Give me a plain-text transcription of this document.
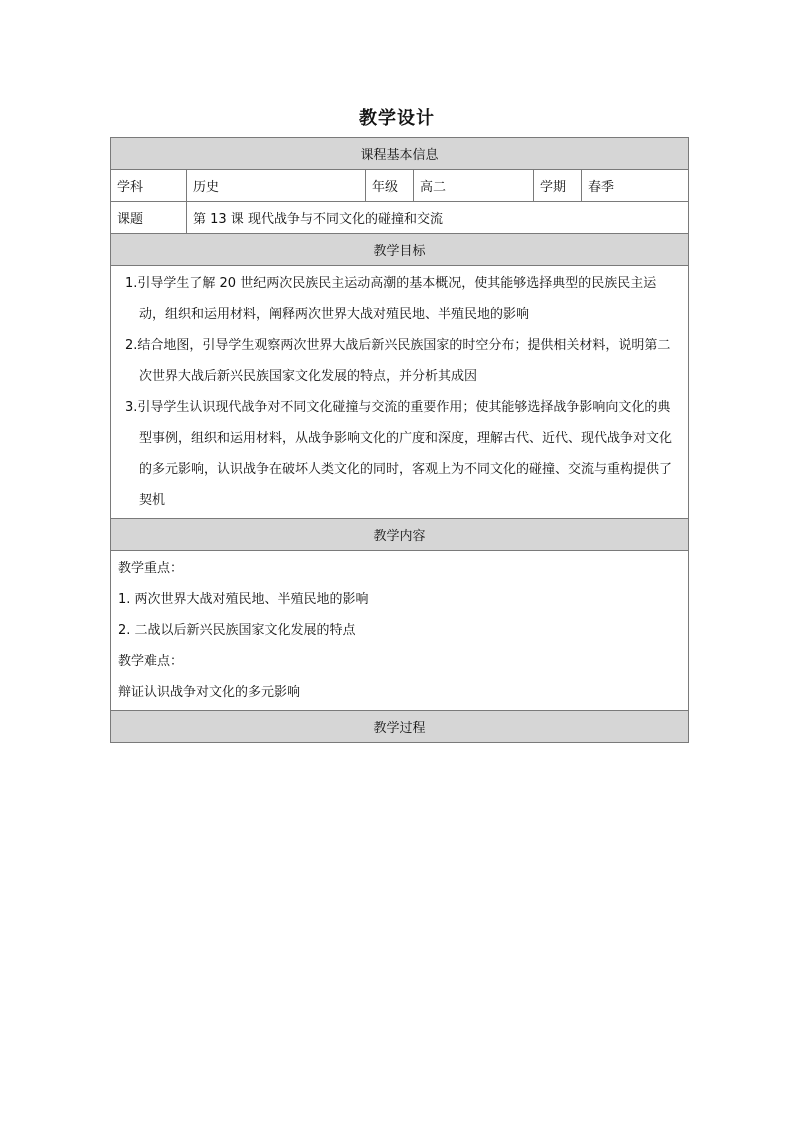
教学设计
课程基本信息					
学科	历史	年级	高二	学期	春季
课题	第 13 课 现代战争与不同文化的碰撞和交流				
教学目标					

1.引导学生了解 20 世纪两次民族民主运动高潮的基本概况，使其能够选择典型的民族民主运动，组织和运用材料，阐释两次世界大战对殖民地、半殖民地的影响
2.结合地图，引导学生观察两次世界大战后新兴民族国家的时空分布；提供相关材料，说明第二次世界大战后新兴民族国家文化发展的特点，并分析其成因
3.引导学生认识现代战争对不同文化碰撞与交流的重要作用；使其能够选择战争影响向文化的典型事例，组织和运用材料，从战争影响文化的广度和深度，理解古代、近代、现代战争对文化的多元影响，认识战争在破坏人类文化的同时，客观上为不同文化的碰撞、交流与重构提供了契机					

教学内容					

教学重点：
1. 两次世界大战对殖民地、半殖民地的影响
2. 二战以后新兴民族国家文化发展的特点
教学难点：
辩证认识战争对文化的多元影响					

教学过程					
